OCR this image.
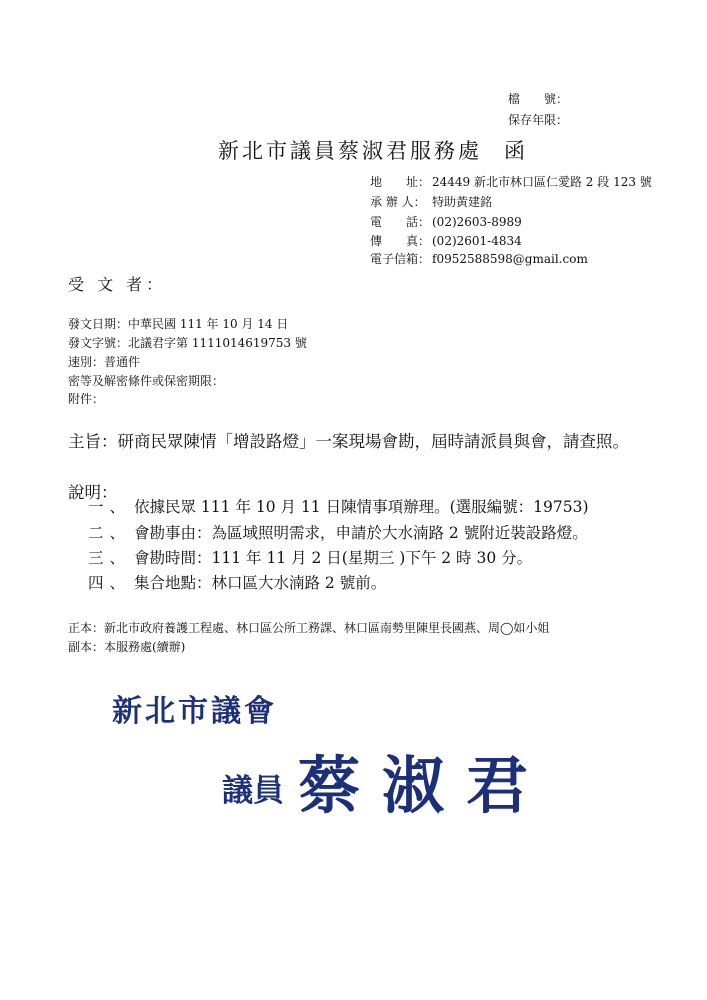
檔　　號：
保存年限：
新北市議員蔡淑君服務處 函
地　　址： 24449 新北市林口區仁愛路 2 段 123 號
承 辦 人： 特助黃建銘
電　　話： (02)2603-8989
傳　　真： (02)2601-4834
電子信箱： f0952588598@gmail.com
受 文 者：
發文日期：中華民國 111 年 10 月 14 日
發文字號：北議君字第 1111014619753 號
速別：普通件
密等及解密條件或保密期限：
附件：
主旨：研商民眾陳情「增設路燈」一案現場會勘，屆時請派員與會，請查照。
說明：
一、 依據民眾 111 年 10 月 11 日陳情事項辦理。(選服編號：19753)
二、 會勘事由：為區域照明需求，申請於大水湳路 2 號附近裝設路燈。
三、 會勘時間：111 年 11 月 2 日(星期三 )下午 2 時 30 分。
四、 集合地點：林口區大水湳路 2 號前。
正本：新北市政府養護工程處、林口區公所工務課、林口區南勢里陳里長國燕、周◯如小姐
副本：本服務處(續辦)
新北市議會
議員 蔡淑君
